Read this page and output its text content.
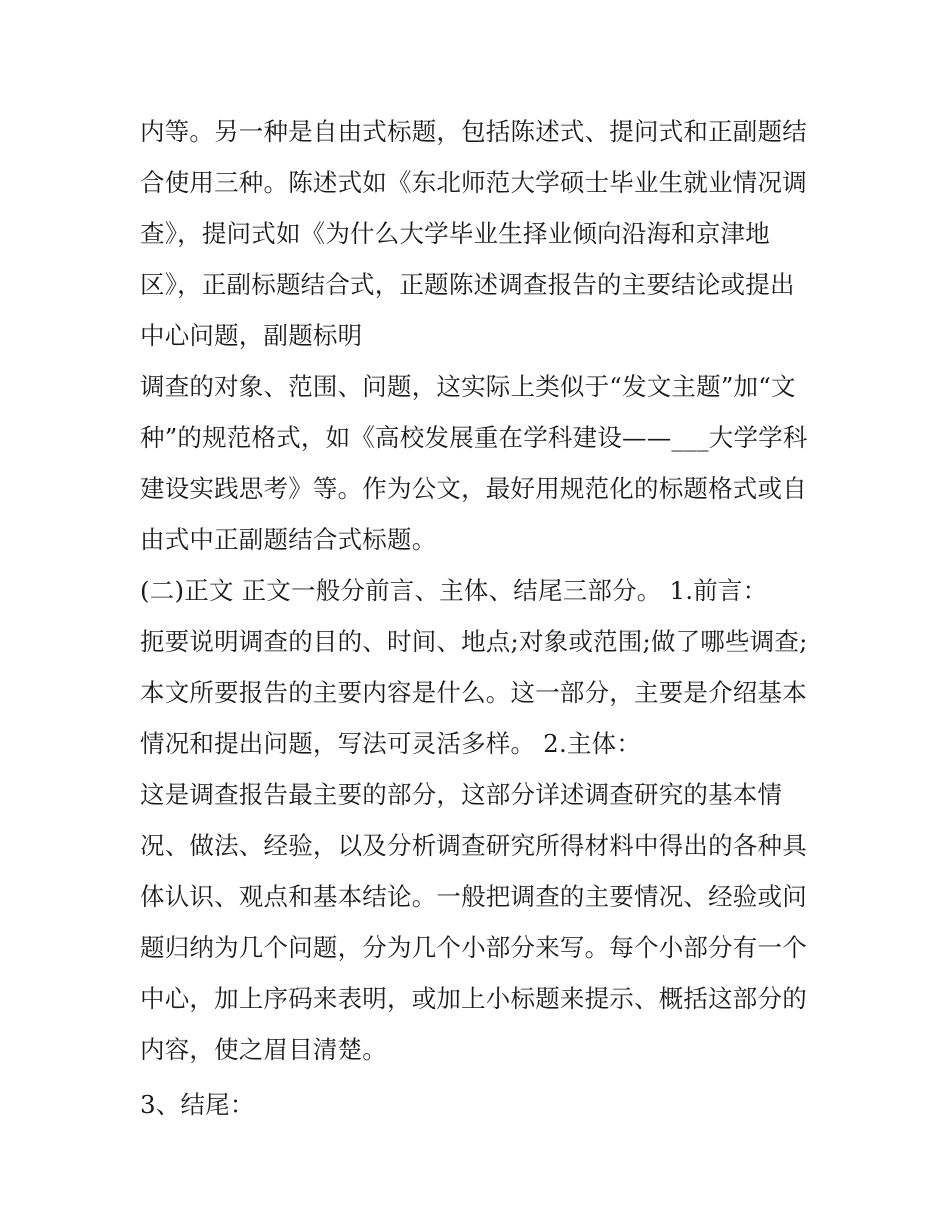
内等。另一种是自由式标题，包括陈述式、提问式和正副题结
合使用三种。陈述式如《东北师范大学硕士毕业生就业情况调
查》，提问式如《为什么大学毕业生择业倾向沿海和京津地
区》，正副标题结合式，正题陈述调查报告的主要结论或提出
中心问题，副题标明
调查的对象、范围、问题，这实际上类似于“发文主题”加“文
种”的规范格式，如《高校发展重在学科建设——___大学学科
建设实践思考》等。作为公文，最好用规范化的标题格式或自
由式中正副题结合式标题。
(二)正文 正文一般分前言、主体、结尾三部分。 1.前言：
扼要说明调查的目的、时间、地点;对象或范围;做了哪些调查;
本文所要报告的主要内容是什么。这一部分，主要是介绍基本
情况和提出问题，写法可灵活多样。 2.主体：
这是调查报告最主要的部分，这部分详述调查研究的基本情
况、做法、经验，以及分析调查研究所得材料中得出的各种具
体认识、观点和基本结论。一般把调查的主要情况、经验或问
题归纳为几个问题，分为几个小部分来写。每个小部分有一个
中心，加上序码来表明，或加上小标题来提示、概括这部分的
内容，使之眉目清楚。
3、结尾：
